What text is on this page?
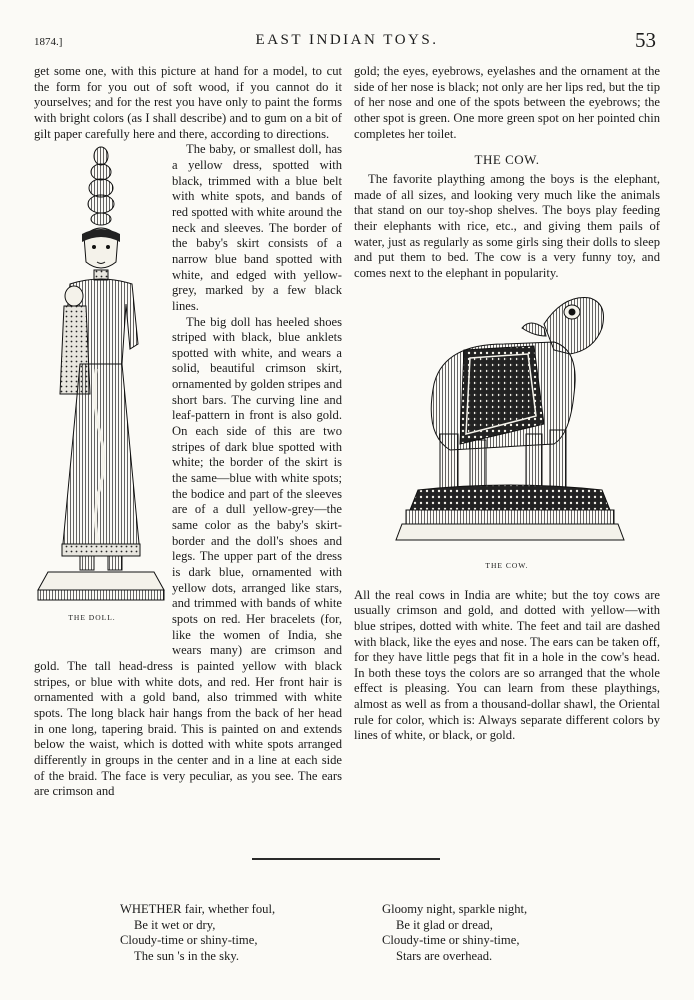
1874.]	EAST INDIAN TOYS.	53

get some one, with this picture at hand for a model, to cut the form for you out of soft wood, if you cannot do it yourselves; and for the rest you have only to paint the forms with bright colors (as I shall describe) and to gum on a bit of gilt paper carefully here and there, according to directions.

THE DOLL.

The baby, or smallest doll, has a yellow dress, spotted with black, trimmed with a blue belt with white spots, and bands of red spotted with white around the neck and sleeves. The border of the baby's skirt consists of a narrow blue band spotted with white, and edged with yellow-grey, marked by a few black lines.

The big doll has heeled shoes striped with black, blue anklets spotted with white, and wears a solid, beautiful crimson skirt, ornamented by golden stripes and short bars. The curving line and leaf-pattern in front is also gold. On each side of this are two stripes of dark blue spotted with white; the border of the skirt is the same—blue with white spots; the bodice and part of the sleeves are of a dull yellow-grey—the same color as the baby's skirt-border and the doll's shoes and legs. The upper part of the dress is dark blue, ornamented with yellow dots, arranged like stars, and trimmed with bands of white spots on red. Her bracelets (for, like the women of India, she wears many) are crimson and gold. The tall head-dress is painted yellow with black stripes, or blue with white dots, and red. Her front hair is ornamented with a gold band, also trimmed with white spots. The long black hair hangs from the back of her head in one long, tapering braid. This is painted on and extends below the waist, which is dotted with white spots arranged differently in groups in the center and in a line at each side of the braid. The face is very peculiar, as you see. The ears are crimson and

gold; the eyes, eyebrows, eyelashes and the ornament at the side of her nose is black; not only are her lips red, but the tip of her nose and one of the spots between the eyebrows; the other spot is green. One more green spot on her pointed chin completes her toilet.

THE COW.

The favorite plaything among the boys is the elephant, made of all sizes, and looking very much like the animals that stand on our toy-shop shelves. The boys play feeding their elephants with rice, etc., and giving them pails of water, just as regularly as some girls sing their dolls to sleep and put them to bed. The cow is a very funny toy, and comes next to the elephant in popularity.

THE COW.

All the real cows in India are white; but the toy cows are usually crimson and gold, and dotted with yellow—with blue stripes, dotted with white. The feet and tail are dashed with black, like the eyes and nose. The ears can be taken off, for they have little pegs that fit in a hole in the cow's head. In both these toys the colors are so arranged that the whole effect is pleasing. You can learn from these playthings, almost as well as from a thousand-dollar shawl, the Oriental rule for color, which is: Always separate different colors by lines of white, or black, or gold.

WHETHER fair, whether foul,
Be it wet or dry,
Cloudy-time or shiny-time,
The sun 's in the sky.
Gloomy night, sparkle night,
Be it glad or dread,
Cloudy-time or shiny-time,
Stars are overhead.
